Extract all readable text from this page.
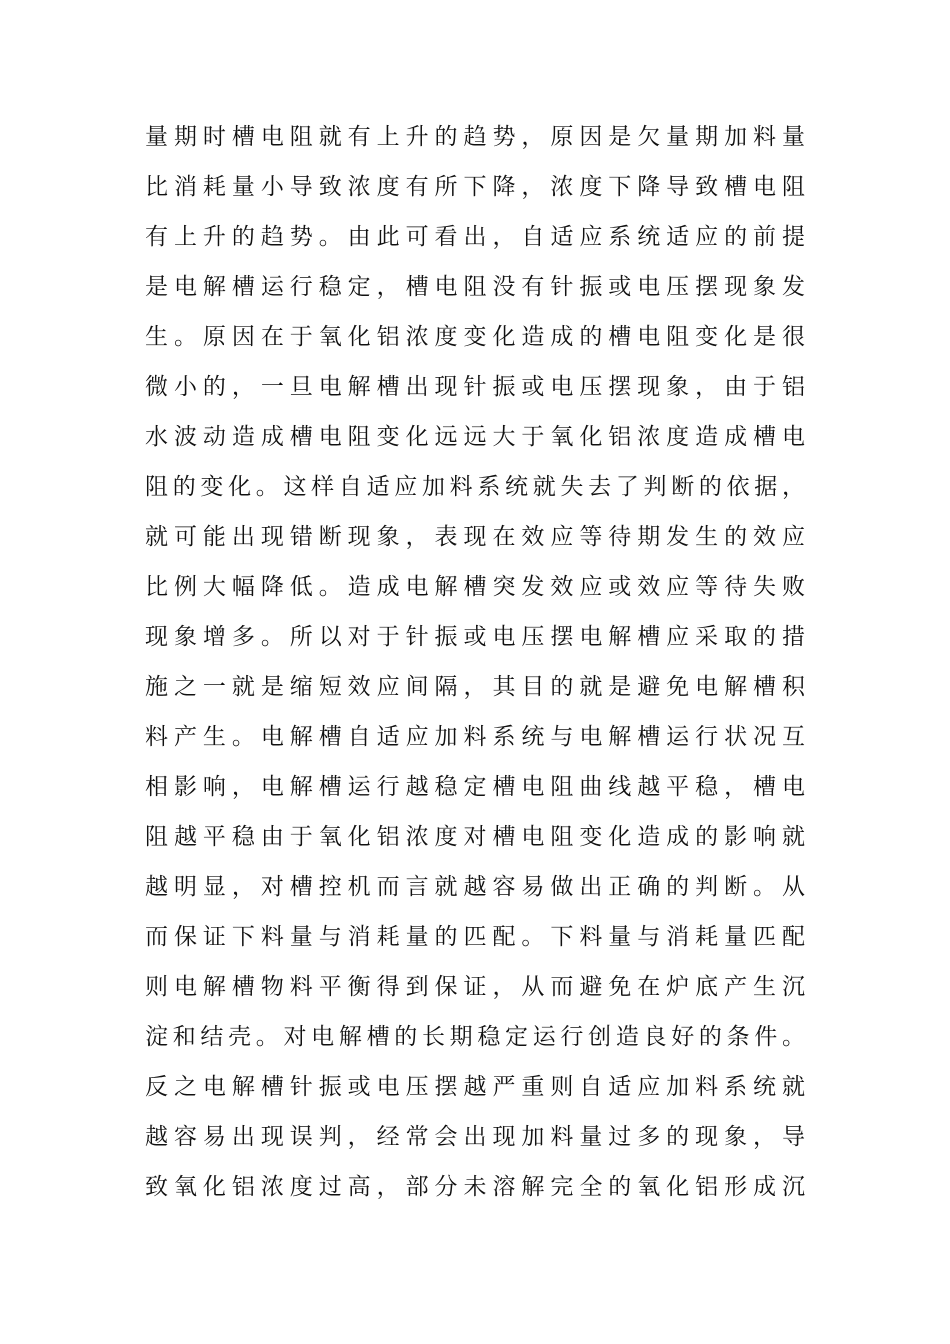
量期时槽电阻就有上升的趋势，原因是欠量期加料量
比消耗量小导致浓度有所下降，浓度下降导致槽电阻
有上升的趋势。由此可看出，自适应系统适应的前提
是电解槽运行稳定，槽电阻没有针振或电压摆现象发
生。原因在于氧化铝浓度变化造成的槽电阻变化是很
微小的，一旦电解槽出现针振或电压摆现象，由于铝
水波动造成槽电阻变化远远大于氧化铝浓度造成槽电
阻的变化。这样自适应加料系统就失去了判断的依据，
就可能出现错断现象，表现在效应等待期发生的效应
比例大幅降低。造成电解槽突发效应或效应等待失败
现象增多。所以对于针振或电压摆电解槽应采取的措
施之一就是缩短效应间隔，其目的就是避免电解槽积
料产生。电解槽自适应加料系统与电解槽运行状况互
相影响，电解槽运行越稳定槽电阻曲线越平稳，槽电
阻越平稳由于氧化铝浓度对槽电阻变化造成的影响就
越明显，对槽控机而言就越容易做出正确的判断。从
而保证下料量与消耗量的匹配。下料量与消耗量匹配
则电解槽物料平衡得到保证，从而避免在炉底产生沉
淀和结壳。对电解槽的长期稳定运行创造良好的条件。
反之电解槽针振或电压摆越严重则自适应加料系统就
越容易出现误判，经常会出现加料量过多的现象，导
致氧化铝浓度过高，部分未溶解完全的氧化铝形成沉
